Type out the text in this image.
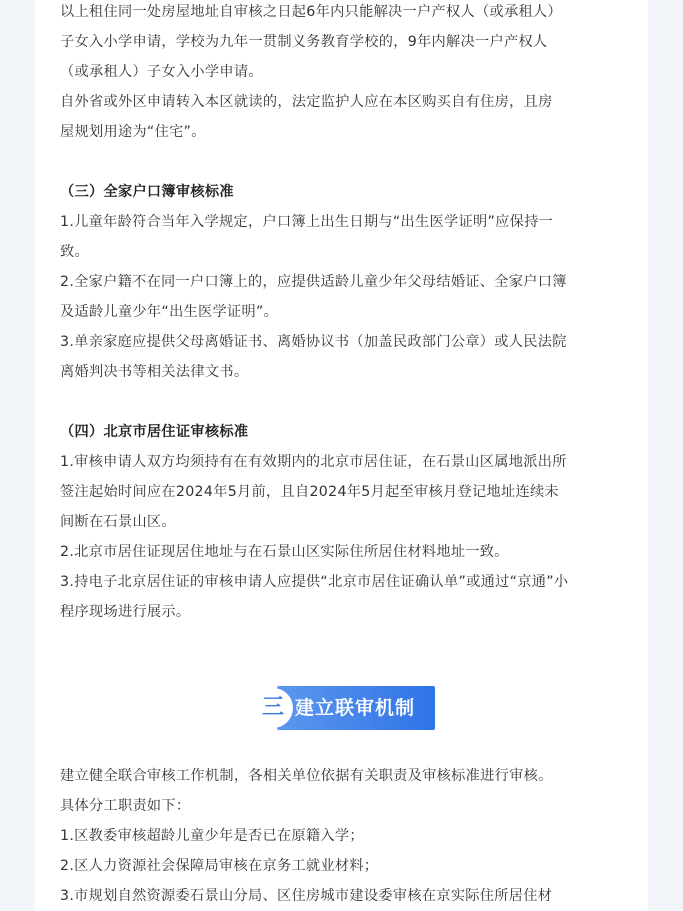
以上租住同一处房屋地址自审核之日起6年内只能解决一户产权人（或承租人）
子女入小学申请，学校为九年一贯制义务教育学校的，9年内解决一户产权人
（或承租人）子女入小学申请。
自外省或外区申请转入本区就读的，法定监护人应在本区购买自有住房，且房
屋规划用途为“住宅”。
（三）全家户口簿审核标准
1.儿童年龄符合当年入学规定，户口簿上出生日期与“出生医学证明”应保持一
致。
2.全家户籍不在同一户口簿上的，应提供适龄儿童少年父母结婚证、全家户口簿
及适龄儿童少年“出生医学证明”。
3.单亲家庭应提供父母离婚证书、离婚协议书（加盖民政部门公章）或人民法院
离婚判决书等相关法律文书。
（四）北京市居住证审核标准
1.审核申请人双方均须持有在有效期内的北京市居住证，在石景山区属地派出所
签注起始时间应在2024年5月前，且自2024年5月起至审核月登记地址连续未
间断在石景山区。
2.北京市居住证现居住地址与在石景山区实际住所居住材料地址一致。
3.持电子北京居住证的审核申请人应提供“北京市居住证确认单”或通过“京通”小
程序现场进行展示。
建立健全联合审核工作机制，各相关单位依据有关职责及审核标准进行审核。
具体分工职责如下：
1.区教委审核超龄儿童少年是否已在原籍入学；
2.区人力资源社会保障局审核在京务工就业材料；
3.市规划自然资源委石景山分局、区住房城市建设委审核在京实际住所居住材
三 建立联审机制
